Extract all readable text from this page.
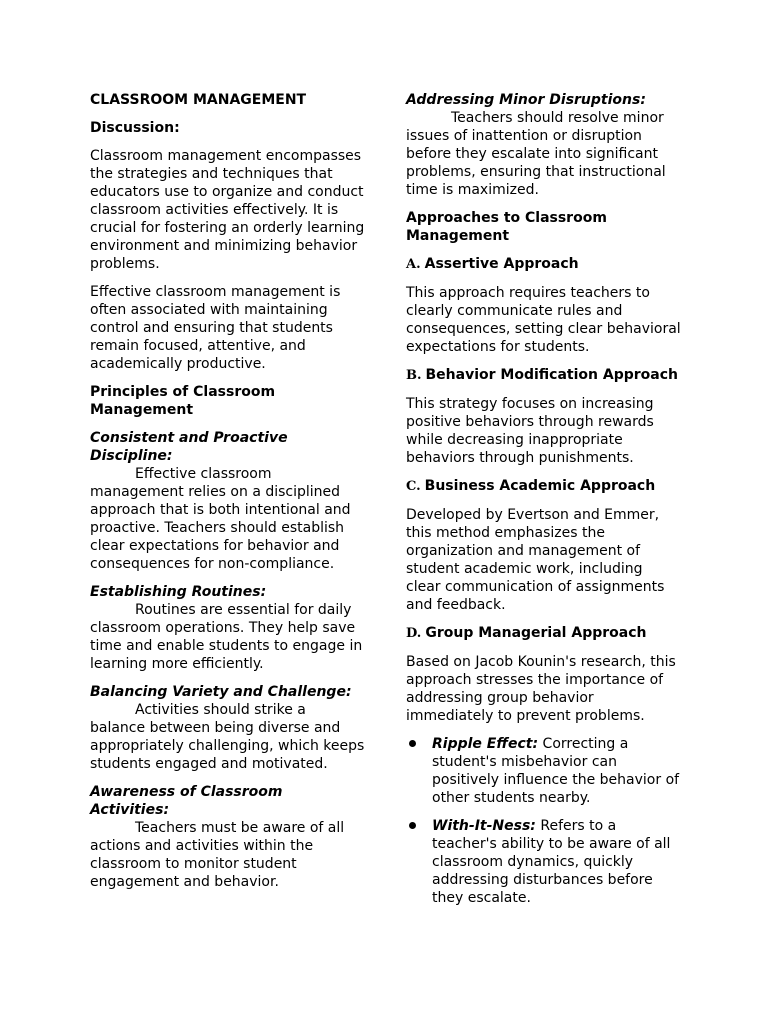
CLASSROOM MANAGEMENT
Discussion:

Classroom management encompasses the strategies and techniques that educators use to organize and conduct classroom activities effectively. It is crucial for fostering an orderly learning environment and minimizing behavior problems.

Effective classroom management is often associated with maintaining control and ensuring that students remain focused, attentive, and academically productive.

Principles of Classroom Management
Consistent and Proactive Discipline:

Effective classroom management relies on a disciplined approach that is both intentional and proactive. Teachers should establish clear expectations for behavior and consequences for non-compliance.

Establishing Routines:

Routines are essential for daily classroom operations. They help save time and enable students to engage in learning more efficiently.

Balancing Variety and Challenge:

Activities should strike a balance between being diverse and appropriately challenging, which keeps students engaged and motivated.

Awareness of Classroom Activities:

Teachers must be aware of all actions and activities within the classroom to monitor student engagement and behavior.

Addressing Minor Disruptions:

Teachers should resolve minor issues of inattention or disruption before they escalate into significant problems, ensuring that instructional time is maximized.

Approaches to Classroom Management
A. Assertive Approach

This approach requires teachers to clearly communicate rules and consequences, setting clear behavioral expectations for students.

B. Behavior Modification Approach

This strategy focuses on increasing positive behaviors through rewards while decreasing inappropriate behaviors through punishments.

C. Business Academic Approach

Developed by Evertson and Emmer, this method emphasizes the organization and management of student academic work, including clear communication of assignments and feedback.

D. Group Managerial Approach

Based on Jacob Kounin's research, this approach stresses the importance of addressing group behavior immediately to prevent problems.

Ripple Effect: Correcting a student's misbehavior can positively influence the behavior of other students nearby.
With-It-Ness: Refers to a teacher's ability to be aware of all classroom dynamics, quickly addressing disturbances before they escalate.
